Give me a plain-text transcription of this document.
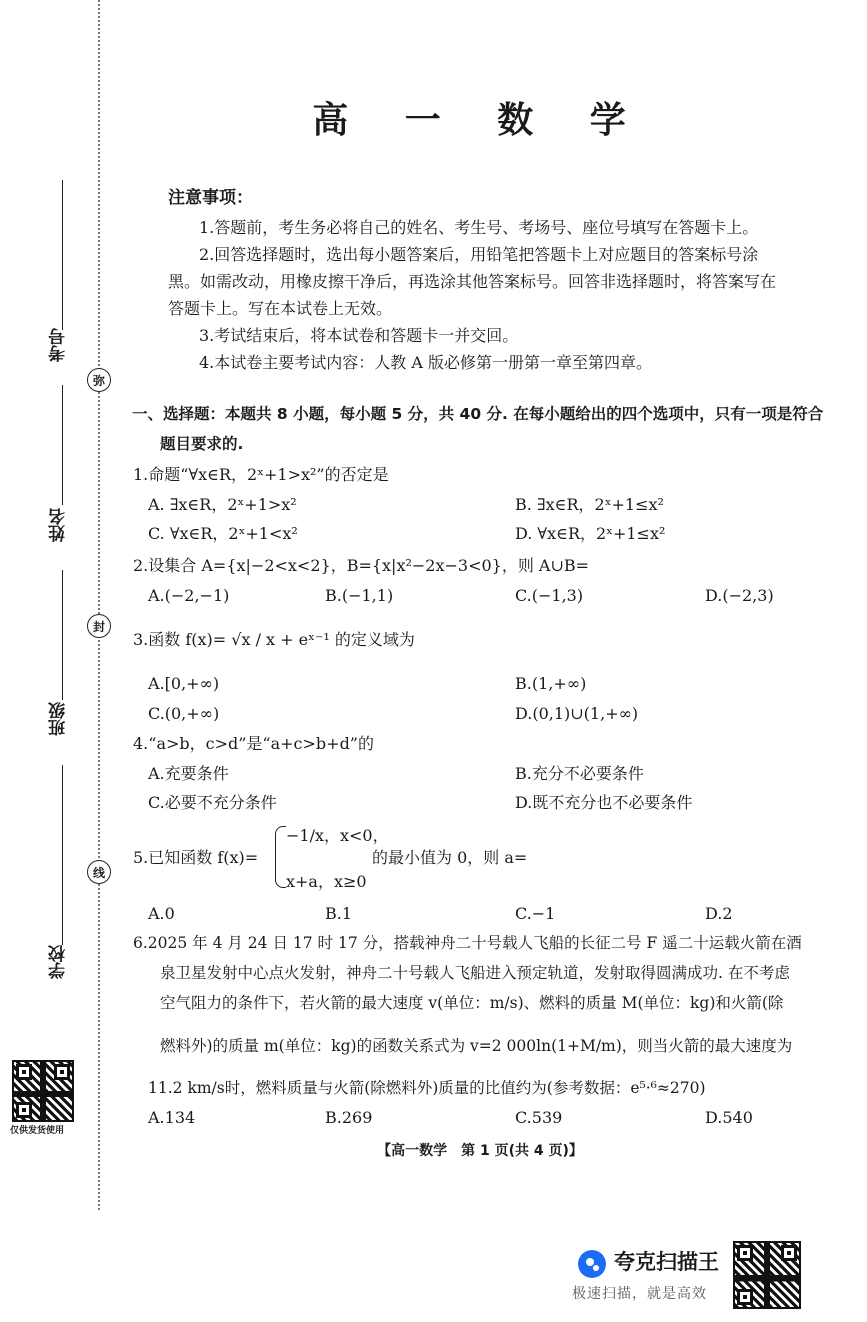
考号
姓名
班级
学校
弥
封
线
仅供发货使用
高 一 数 学
注意事项：
1.答题前，考生务必将自己的姓名、考生号、考场号、座位号填写在答题卡上。
2.回答选择题时，选出每小题答案后，用铅笔把答题卡上对应题目的答案标号涂
黑。如需改动，用橡皮擦干净后，再选涂其他答案标号。回答非选择题时，将答案写在
答题卡上。写在本试卷上无效。
3.考试结束后，将本试卷和答题卡一并交回。
4.本试卷主要考试内容：人教 A 版必修第一册第一章至第四章。
一、选择题：本题共 8 小题，每小题 5 分，共 40 分. 在每小题给出的四个选项中，只有一项是符合
题目要求的.
1.命题“∀x∈R，2ˣ+1>x²”的否定是
A. ∃x∈R，2ˣ+1>x²	B. ∃x∈R，2ˣ+1≤x²
C. ∀x∈R，2ˣ+1<x²	D. ∀x∈R，2ˣ+1≤x²
2.设集合 A={x|−2<x<2}，B={x|x²−2x−3<0}，则 A∪B=
A.(−2,−1)	B.(−1,1)	C.(−1,3)	D.(−2,3)
3.函数 f(x)= √x / x + eˣ⁻¹ 的定义域为
A.[0,+∞)	B.(1,+∞)
C.(0,+∞)	D.(0,1)∪(1,+∞)
4.“a>b，c>d”是“a+c>b+d”的
A.充要条件	B.充分不必要条件
C.必要不充分条件	D.既不充分也不必要条件
5.已知函数 f(x)=
−1/x，x<0，
x+a，x≥0
的最小值为 0，则 a=
A.0	B.1	C.−1	D.2
6.2025 年 4 月 24 日 17 时 17 分，搭载神舟二十号载人飞船的长征二号 F 遥二十运载火箭在酒
泉卫星发射中心点火发射，神舟二十号载人飞船进入预定轨道，发射取得圆满成功. 在不考虑
空气阻力的条件下，若火箭的最大速度 v(单位：m/s)、燃料的质量 M(单位：kg)和火箭(除
燃料外)的质量 m(单位：kg)的函数关系式为 v=2 000ln(1+M/m)，则当火箭的最大速度为
11.2 km/s时，燃料质量与火箭(除燃料外)质量的比值约为(参考数据：e⁵·⁶≈270)
A.134	B.269	C.539	D.540
【高一数学　第 1 页(共 4 页)】
夸克扫描王
极速扫描，就是高效
